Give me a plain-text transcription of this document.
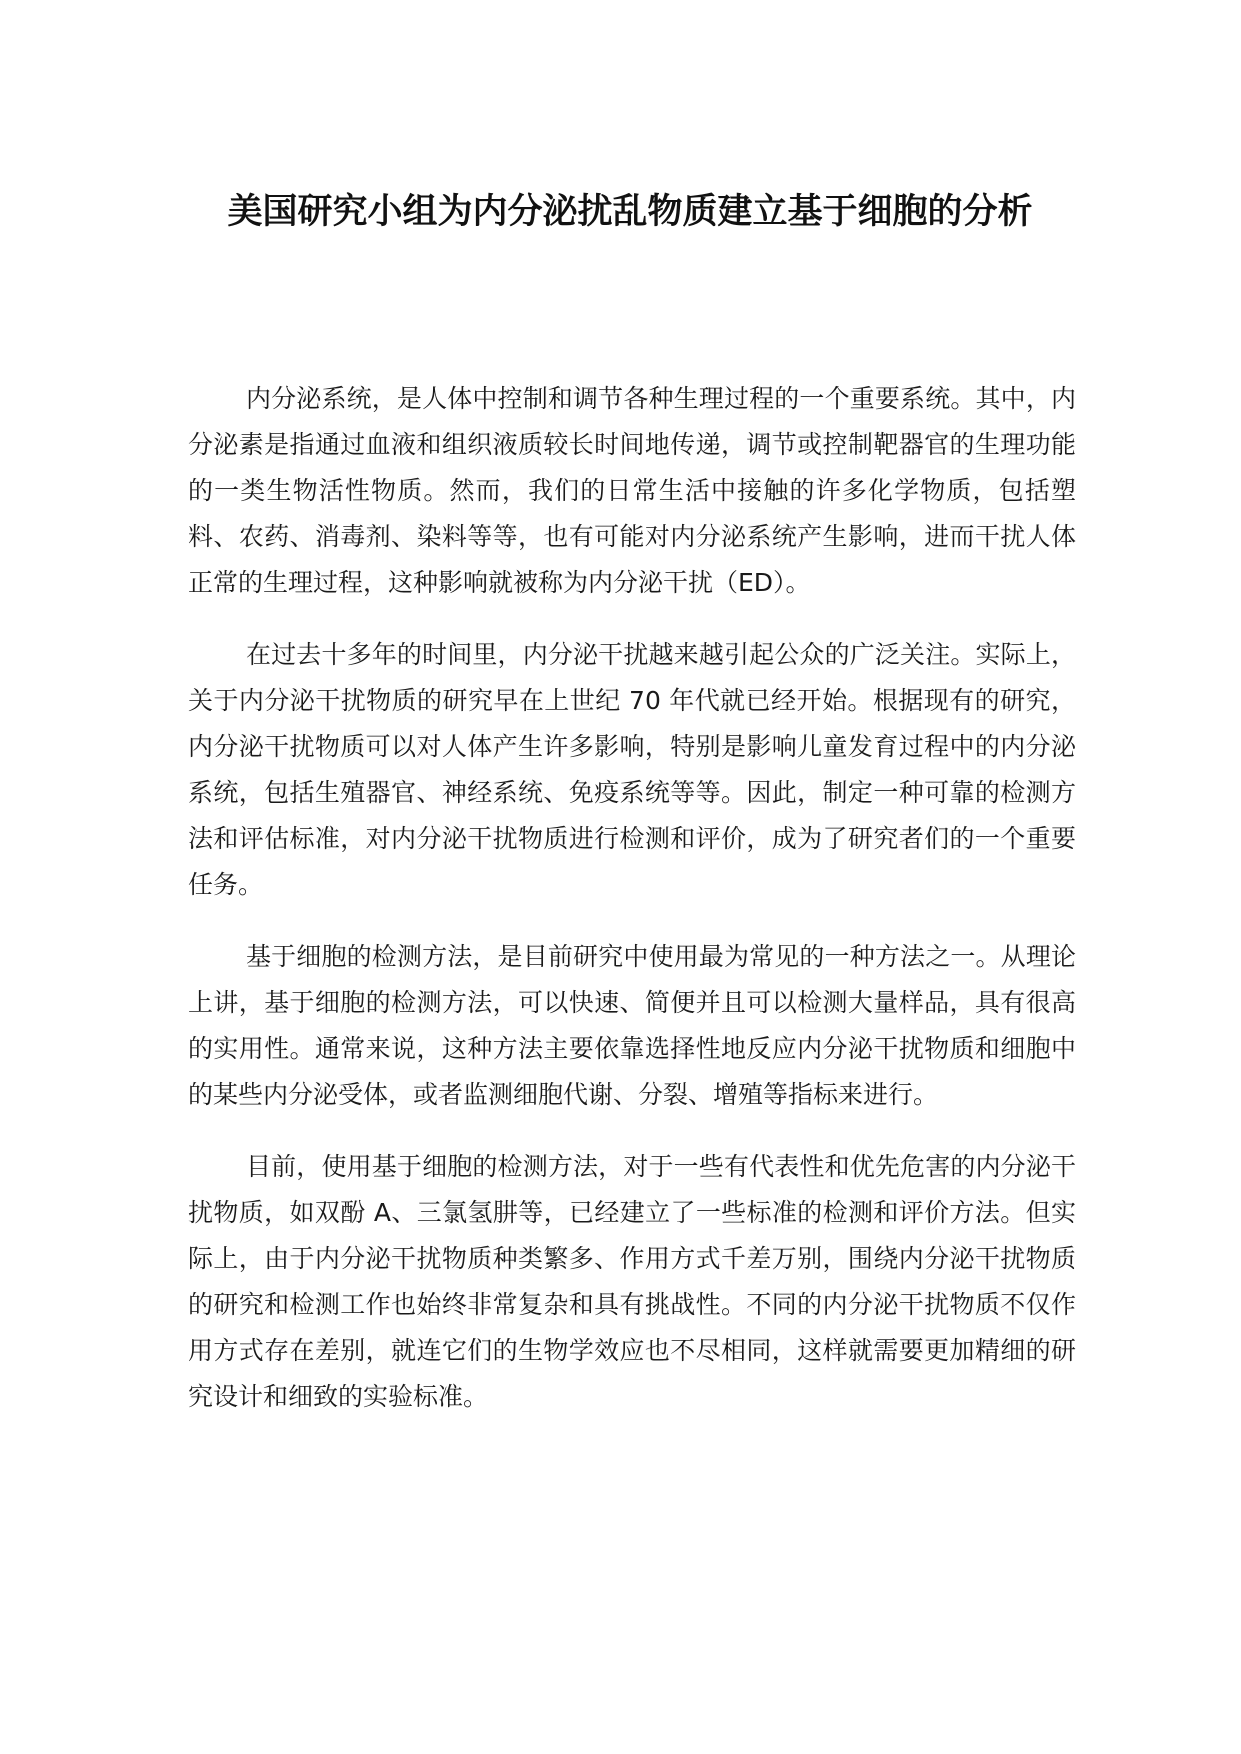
美国研究小组为内分泌扰乱物质建立基于细胞的分析

内分泌系统，是人体中控制和调节各种生理过程的一个重要系统。其中，内分泌素是指通过血液和组织液质较长时间地传递，调节或控制靶器官的生理功能的一类生物活性物质。然而，我们的日常生活中接触的许多化学物质，包括塑料、农药、消毒剂、染料等等，也有可能对内分泌系统产生影响，进而干扰人体正常的生理过程，这种影响就被称为内分泌干扰（ED）。

在过去十多年的时间里，内分泌干扰越来越引起公众的广泛关注。实际上，关于内分泌干扰物质的研究早在上世纪 70 年代就已经开始。根据现有的研究，内分泌干扰物质可以对人体产生许多影响，特别是影响儿童发育过程中的内分泌系统，包括生殖器官、神经系统、免疫系统等等。因此，制定一种可靠的检测方法和评估标准，对内分泌干扰物质进行检测和评价，成为了研究者们的一个重要任务。

基于细胞的检测方法，是目前研究中使用最为常见的一种方法之一。从理论上讲，基于细胞的检测方法，可以快速、简便并且可以检测大量样品，具有很高的实用性。通常来说，这种方法主要依靠选择性地反应内分泌干扰物质和细胞中的某些内分泌受体，或者监测细胞代谢、分裂、增殖等指标来进行。

目前，使用基于细胞的检测方法，对于一些有代表性和优先危害的内分泌干扰物质，如双酚 A、三氯氢肼等，已经建立了一些标准的检测和评价方法。但实际上，由于内分泌干扰物质种类繁多、作用方式千差万别，围绕内分泌干扰物质的研究和检测工作也始终非常复杂和具有挑战性。不同的内分泌干扰物质不仅作用方式存在差别，就连它们的生物学效应也不尽相同，这样就需要更加精细的研究设计和细致的实验标准。
